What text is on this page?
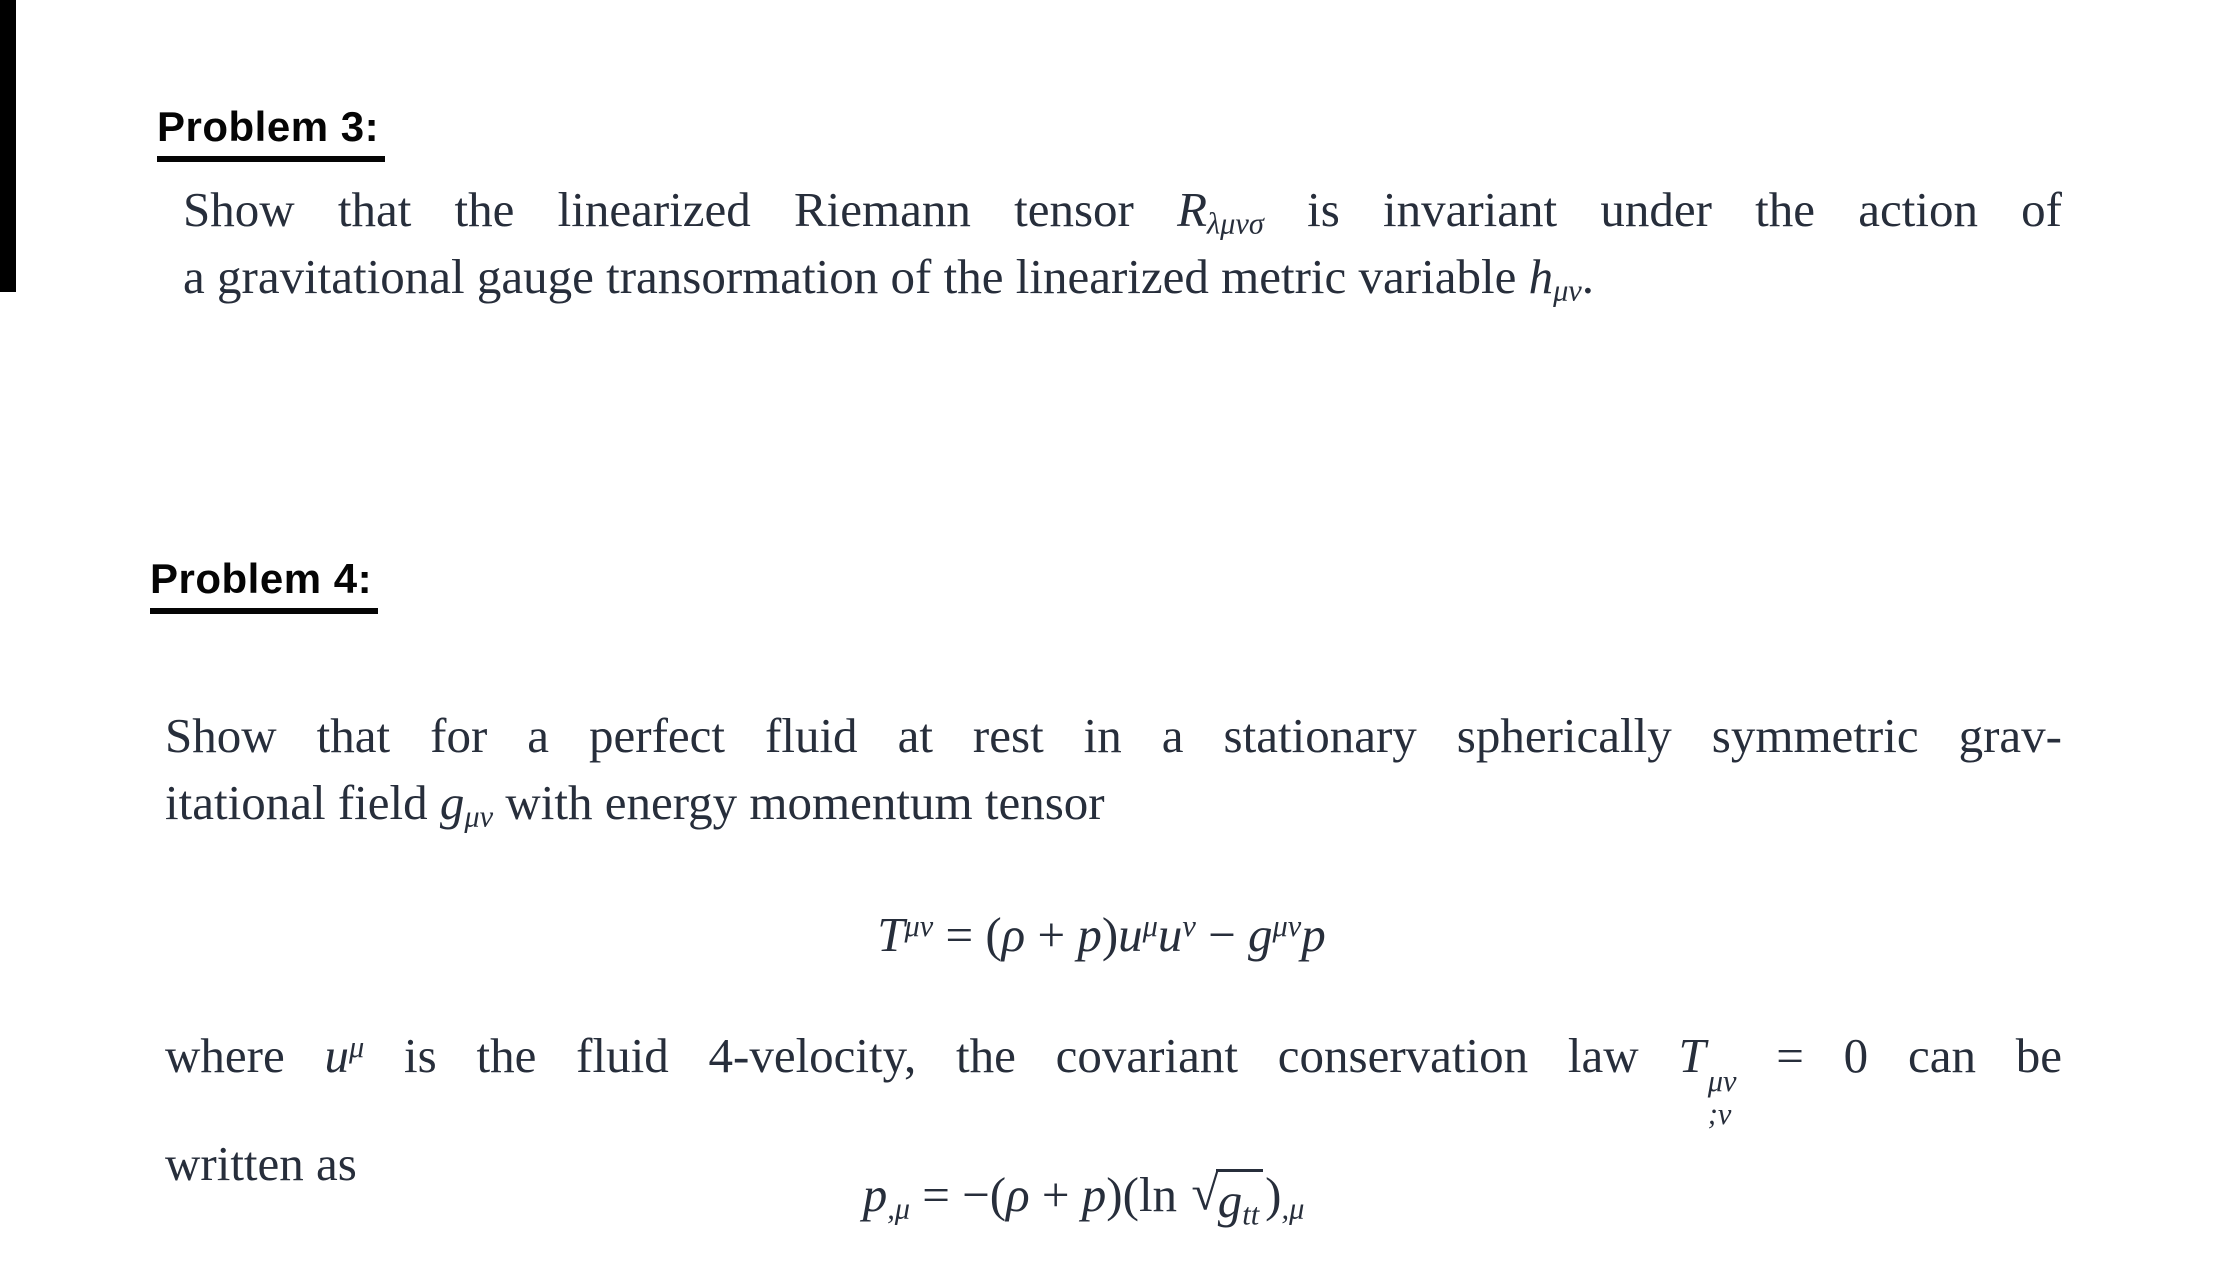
Problem 3:
Show that the linearized Riemann tensor $R_{\lambda\mu\nu\sigma}$ is invariant under the action of
a gravitational gauge transormation of the linearized metric variable $h_{\mu\nu}$.
Problem 4:
Show that for a perfect fluid at rest in a stationary spherically symmetric grav-
itational field $g_{\mu\nu}$ with energy momentum tensor
$T^{\mu\nu} = (\rho + p)u^\mu u^\nu - g^{\mu\nu}p$
where $u^\mu$ is the fluid 4-velocity, the covariant conservation law T μν
;ν
= 0 can be
written as
$p_{,\mu} = -(\rho + p)(\ln$ √ $g_{tt}$ )$_{,\mu}$
